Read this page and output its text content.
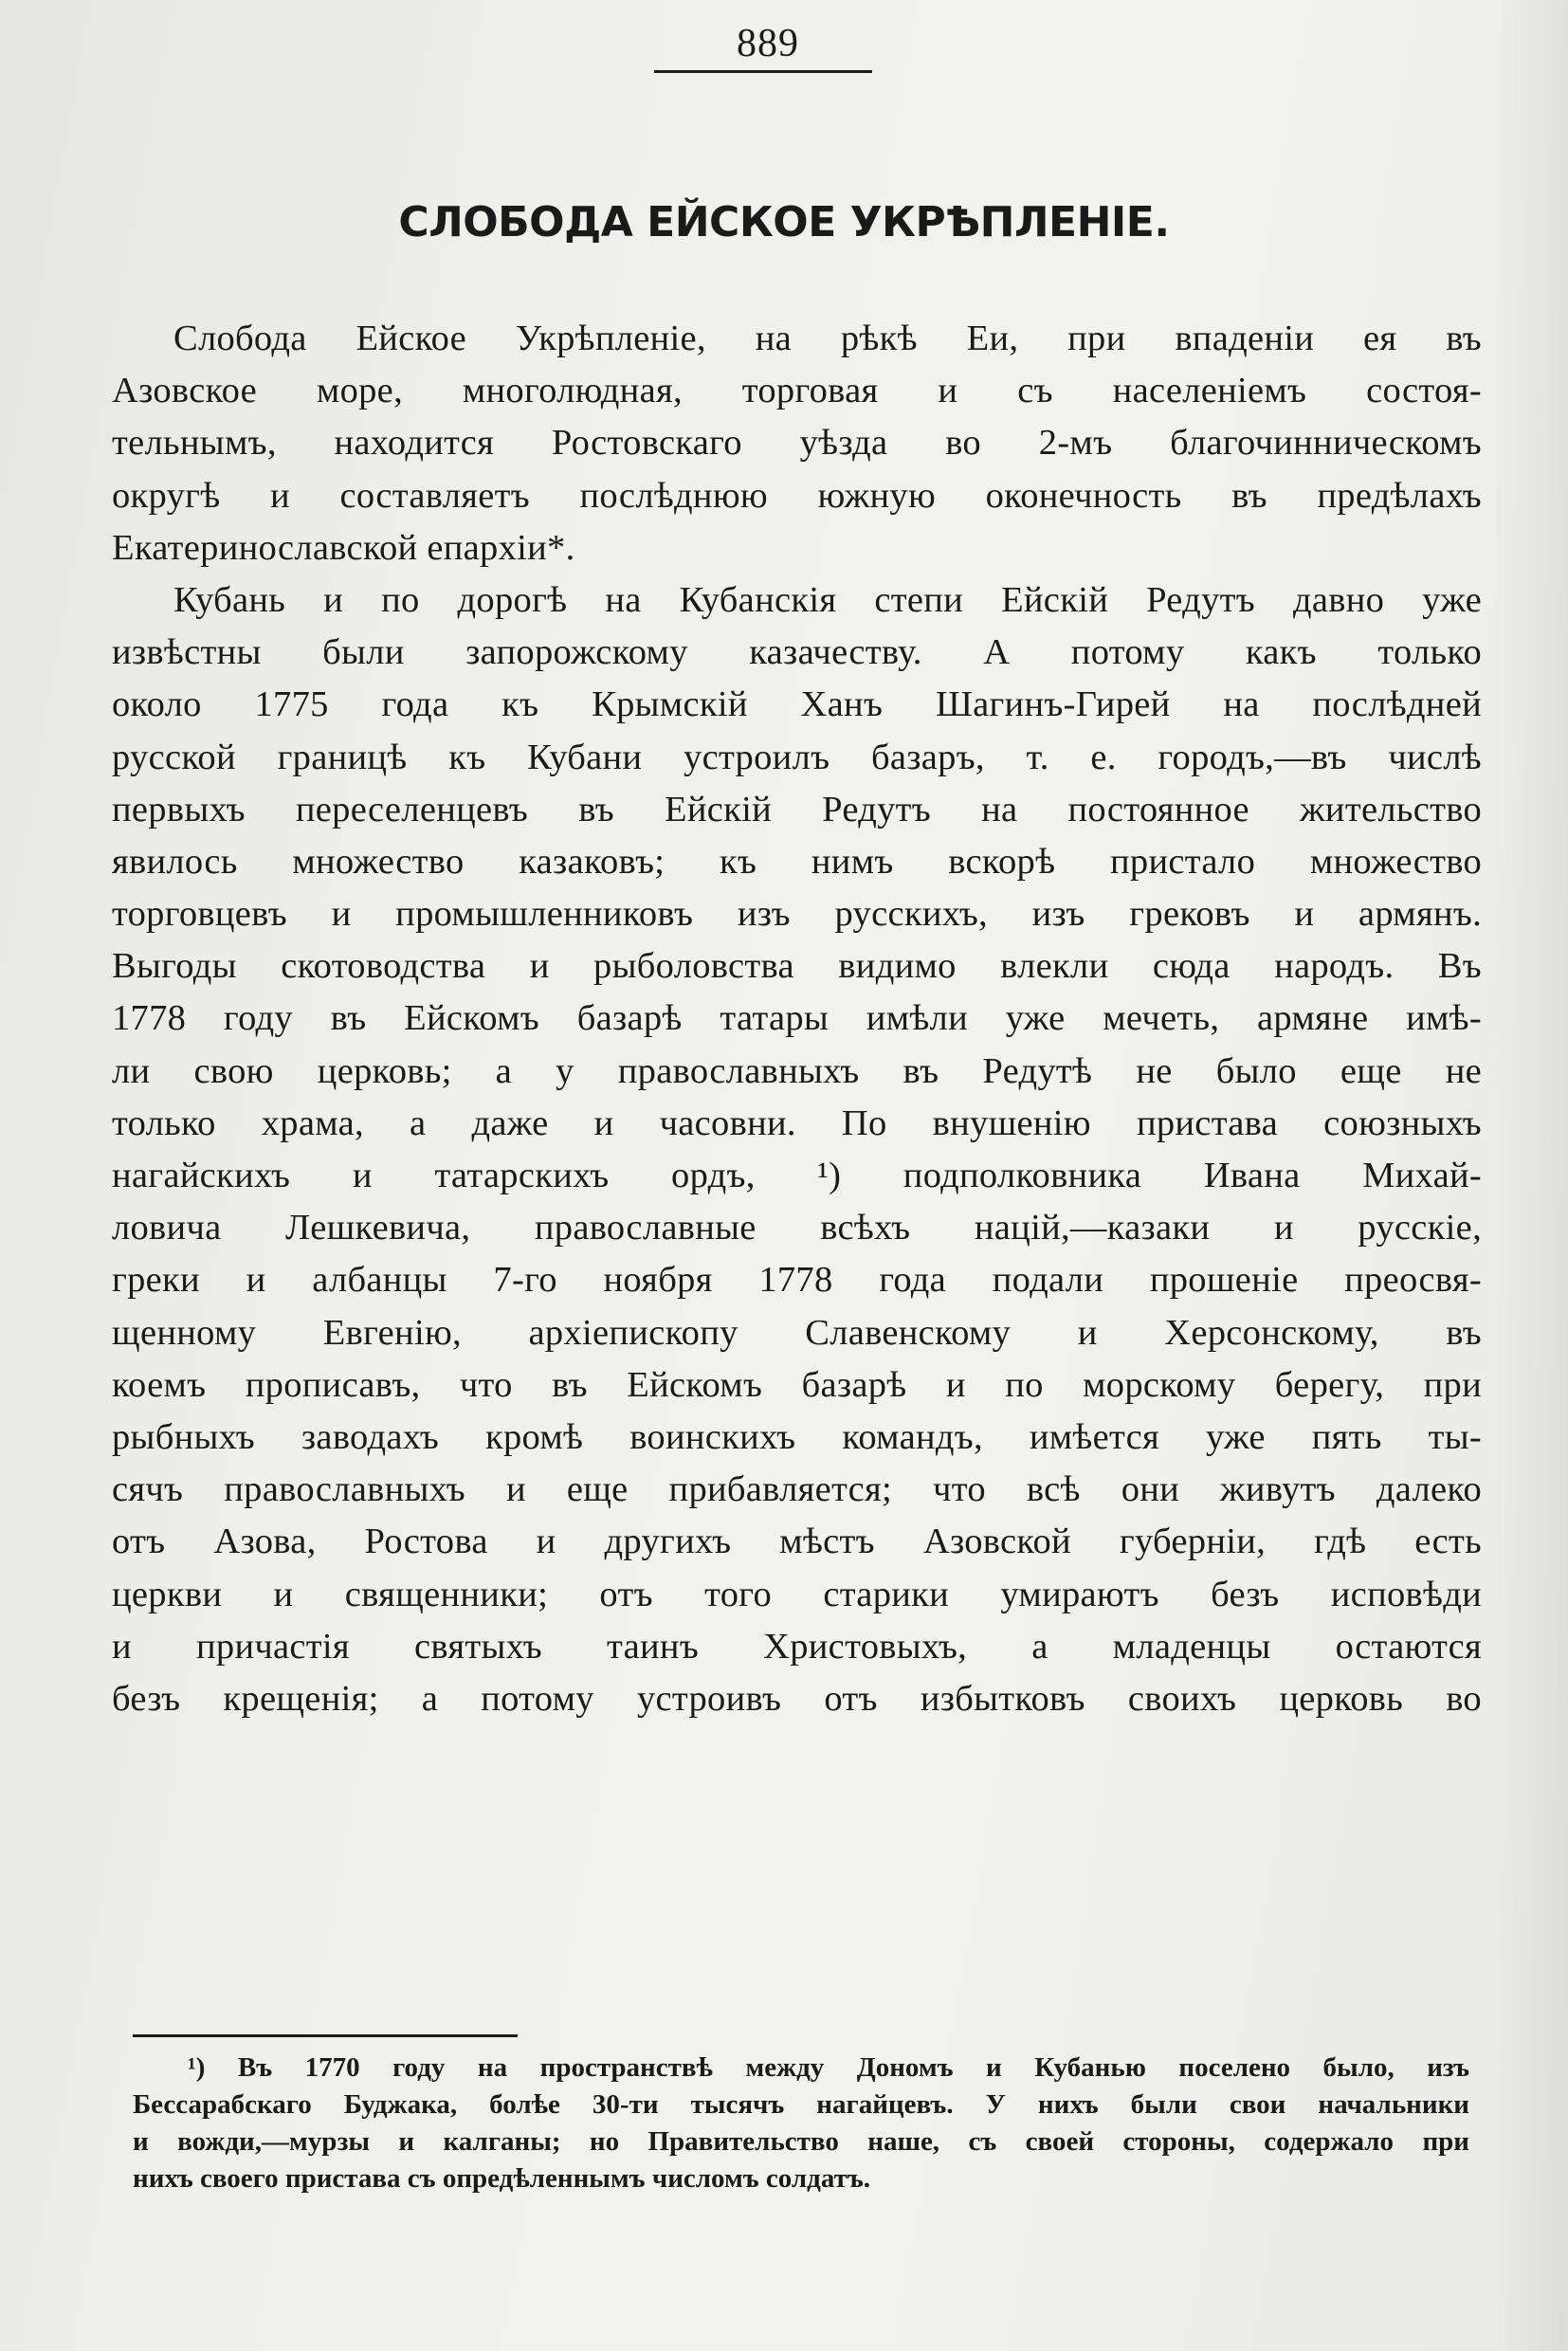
889
СЛОБОДА ЕЙСКОЕ УКРѢПЛЕНІЕ.
Слобода Ейское Укрѣпленіе, на рѣкѣ Еи, при впаденіи ея въ
Азовское море, многолюдная, торговая и съ населеніемъ состоя-
тельнымъ, находится Ростовскаго уѣзда во 2-мъ благочинническомъ
округѣ и составляетъ послѣднюю южную оконечность въ предѣлахъ
Екатеринославской епархіи*.
Кубань и по дорогѣ на Кубанскія степи Ейскій Редутъ давно уже
извѣстны были запорожскому казачеству. А потому какъ только
около 1775 года къ Крымскій Ханъ Шагинъ-Гирей на послѣдней
русской границѣ къ Кубани устроилъ базаръ, т. е. городъ,—въ числѣ
первыхъ переселенцевъ въ Ейскій Редутъ на постоянное жительство
явилось множество казаковъ; къ нимъ вскорѣ пристало множество
торговцевъ и промышленниковъ изъ русскихъ, изъ грековъ и армянъ.
Выгоды скотоводства и рыболовства видимо влекли сюда народъ. Въ
1778 году въ Ейскомъ базарѣ татары имѣли уже мечеть, армяне имѣ-
ли свою церковь; а у православныхъ въ Редутѣ не было еще не
только храма, а даже и часовни. По внушенію пристава союзныхъ
нагайскихъ и татарскихъ ордъ, ¹) подполковника Ивана Михай-
ловича Лешкевича, православные всѣхъ націй,—казаки и русскіе,
греки и албанцы 7-го ноября 1778 года подали прошеніе преосвя-
щенному Евгенію, архіепископу Славенскому и Херсонскому, въ
коемъ прописавъ, что въ Ейскомъ базарѣ и по морскому берегу, при
рыбныхъ заводахъ кромѣ воинскихъ командъ, имѣется уже пять ты-
сячъ православныхъ и еще прибавляется; что всѣ они живутъ далеко
отъ Азова, Ростова и другихъ мѣстъ Азовской губерніи, гдѣ есть
церкви и священники; отъ того старики умираютъ безъ исповѣди
и причастія святыхъ таинъ Христовыхъ, а младенцы остаются
безъ крещенія; а потому устроивъ отъ избытковъ своихъ церковь во
¹) Въ 1770 году на пространствѣ между Дономъ и Кубанью поселено было, изъ
Бессарабскаго Буджака, болѣе 30-ти тысячъ нагайцевъ. У нихъ были свои начальники
и вожди,—мурзы и калганы; но Правительство наше, съ своей стороны, содержало при
нихъ своего пристава съ опредѣленнымъ числомъ солдатъ.
